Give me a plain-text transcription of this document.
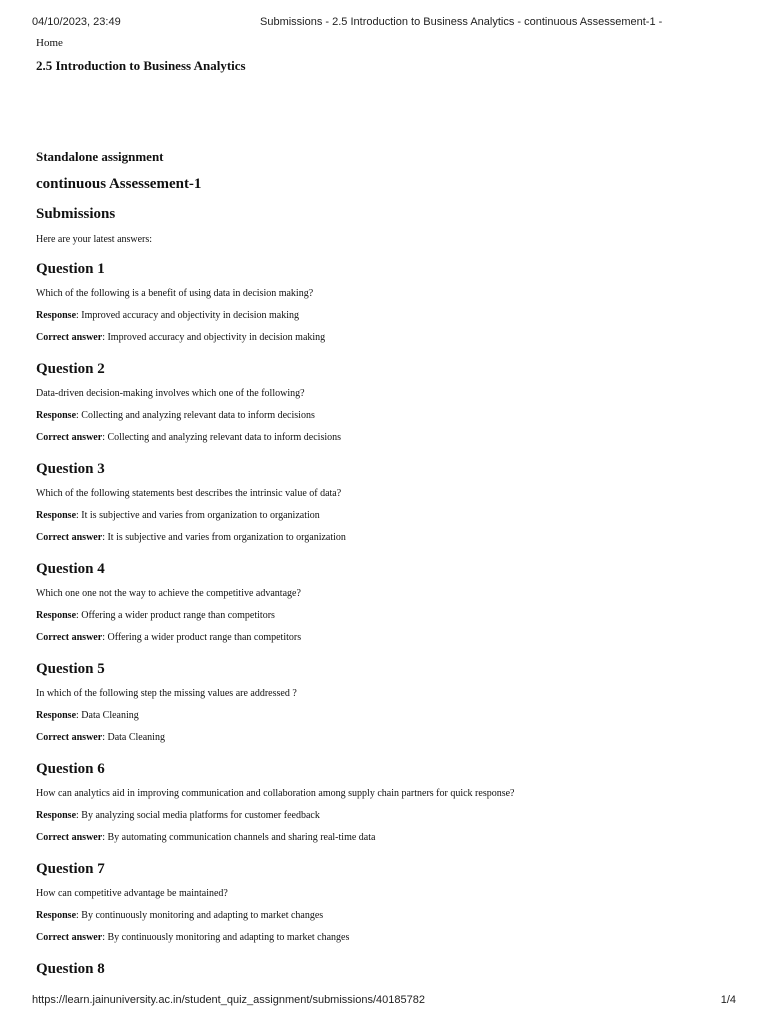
04/10/2023, 23:49	Submissions - 2.5 Introduction to Business Analytics - continuous Assessement-1 -

Home

2.5 Introduction to Business Analytics

Standalone assignment

continuous Assessement-1

Submissions

Here are your latest answers:

Question 1

Which of the following is a benefit of using data in decision making?

Response: Improved accuracy and objectivity in decision making

Correct answer: Improved accuracy and objectivity in decision making

Question 2

Data-driven decision-making involves which one of the following?

Response: Collecting and analyzing relevant data to inform decisions

Correct answer: Collecting and analyzing relevant data to inform decisions

Question 3

Which of the following statements best describes the intrinsic value of data?

Response: It is subjective and varies from organization to organization

Correct answer: It is subjective and varies from organization to organization

Question 4

Which one one not the way to achieve the competitive advantage?

Response: Offering a wider product range than competitors

Correct answer: Offering a wider product range than competitors

Question 5

In which of the following step the missing values are addressed ?

Response: Data Cleaning

Correct answer: Data Cleaning

Question 6

How can analytics aid in improving communication and collaboration among supply chain partners for quick response?

Response: By analyzing social media platforms for customer feedback

Correct answer: By automating communication channels and sharing real-time data

Question 7

How can competitive advantage be maintained?

Response: By continuously monitoring and adapting to market changes

Correct answer: By continuously monitoring and adapting to market changes

Question 8

https://learn.jainuniversity.ac.in/student_quiz_assignment/submissions/40185782	1/4
